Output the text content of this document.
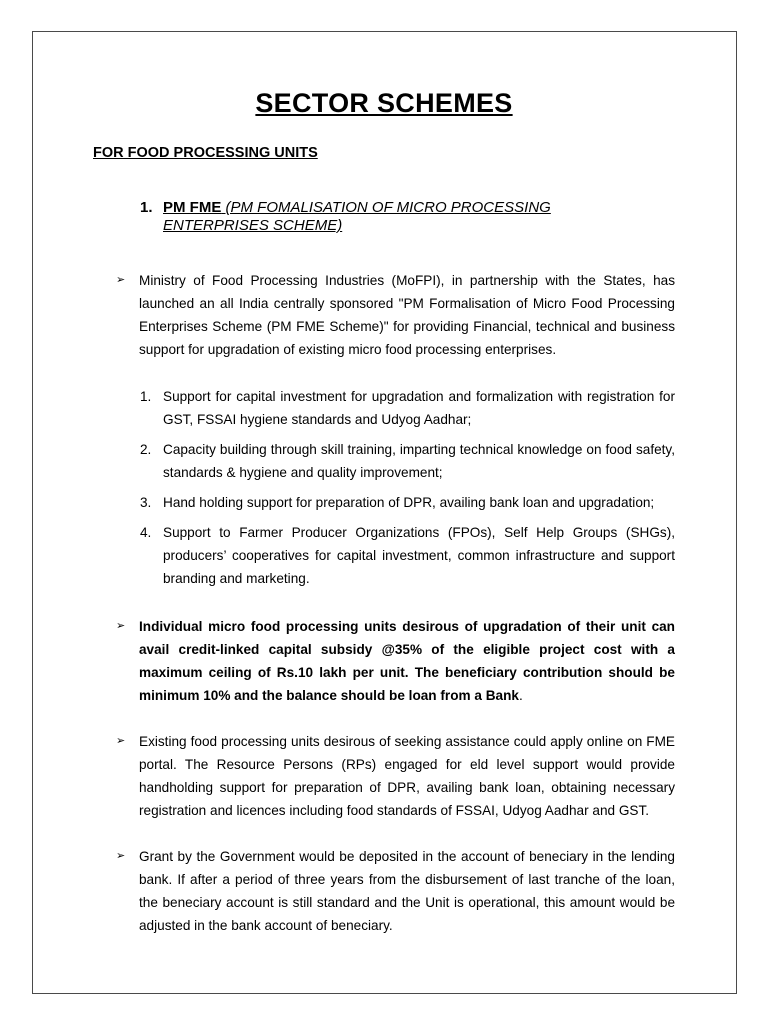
SECTOR SCHEMES
FOR FOOD PROCESSING UNITS
1. PM FME (PM FOMALISATION OF MICRO PROCESSING ENTERPRISES SCHEME)
➢ Ministry of Food Processing Industries (MoFPI), in partnership with the States, has launched an all India centrally sponsored "PM Formalisation of Micro Food Processing Enterprises Scheme (PM FME Scheme)" for providing Financial, technical and business support for upgradation of existing micro food processing enterprises.
1. Support for capital investment for upgradation and formalization with registration for GST, FSSAI hygiene standards and Udyog Aadhar;
2. Capacity building through skill training, imparting technical knowledge on food safety, standards & hygiene and quality improvement;
3. Hand holding support for preparation of DPR, availing bank loan and upgradation;
4. Support to Farmer Producer Organizations (FPOs), Self Help Groups (SHGs), producers’ cooperatives for capital investment, common infrastructure and support branding and marketing.
➢ Individual micro food processing units desirous of upgradation of their unit can avail credit-linked capital subsidy @35% of the eligible project cost with a maximum ceiling of Rs.10 lakh per unit. The beneficiary contribution should be minimum 10% and the balance should be loan from a Bank.
➢ Existing food processing units desirous of seeking assistance could apply online on FME portal. The Resource Persons (RPs) engaged for eld level support would provide handholding support for preparation of DPR, availing bank loan, obtaining necessary registration and licences including food standards of FSSAI, Udyog Aadhar and GST.
➢ Grant by the Government would be deposited in the account of beneciary in the lending bank. If after a period of three years from the disbursement of last tranche of the loan, the beneciary account is still standard and the Unit is operational, this amount would be adjusted in the bank account of beneciary.
